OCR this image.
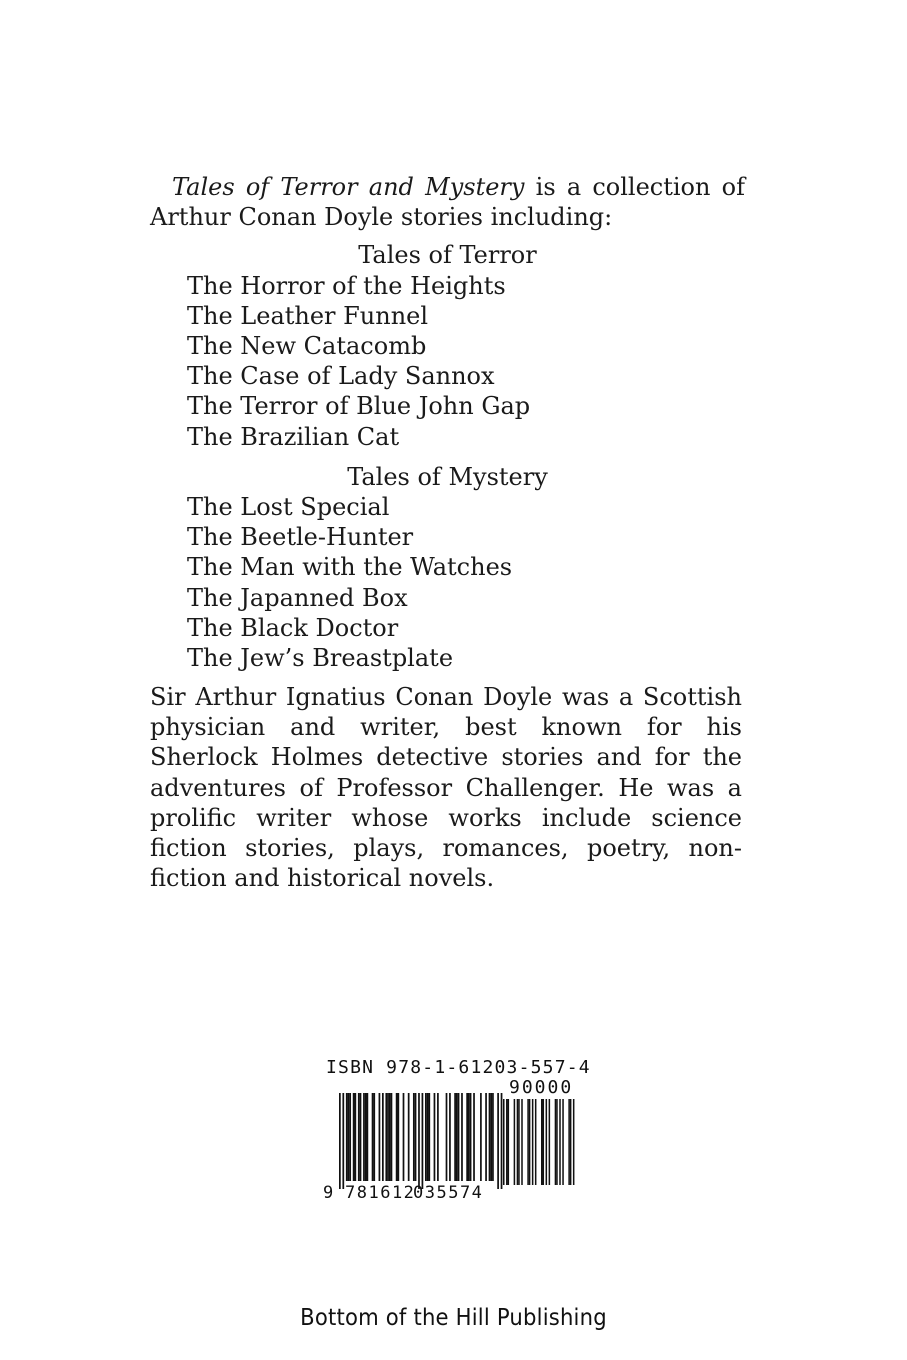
Tales of Terror and Mystery is a collection of Arthur Conan Doyle stories including:

Tales of Terror
The Horror of the Heights
The Leather Funnel
The New Catacomb
The Case of Lady Sannox
The Terror of Blue John Gap
The Brazilian Cat
Tales of Mystery
The Lost Special
The Beetle-Hunter
The Man with the Watches
The Japanned Box
The Black Doctor
The Jew’s Breastplate

Sir Arthur Ignatius Conan Doyle was a Scottish physician and writer, best known for his Sherlock Holmes detective stories and for the adventures of Professor Challenger. He was a prolific writer whose works include science fiction stories, plays, romances, poetry, non-fiction and historical novels.

ISBN 978-1-61203-557-4
90000
9 781612
035574
Bottom of the Hill Publishing
